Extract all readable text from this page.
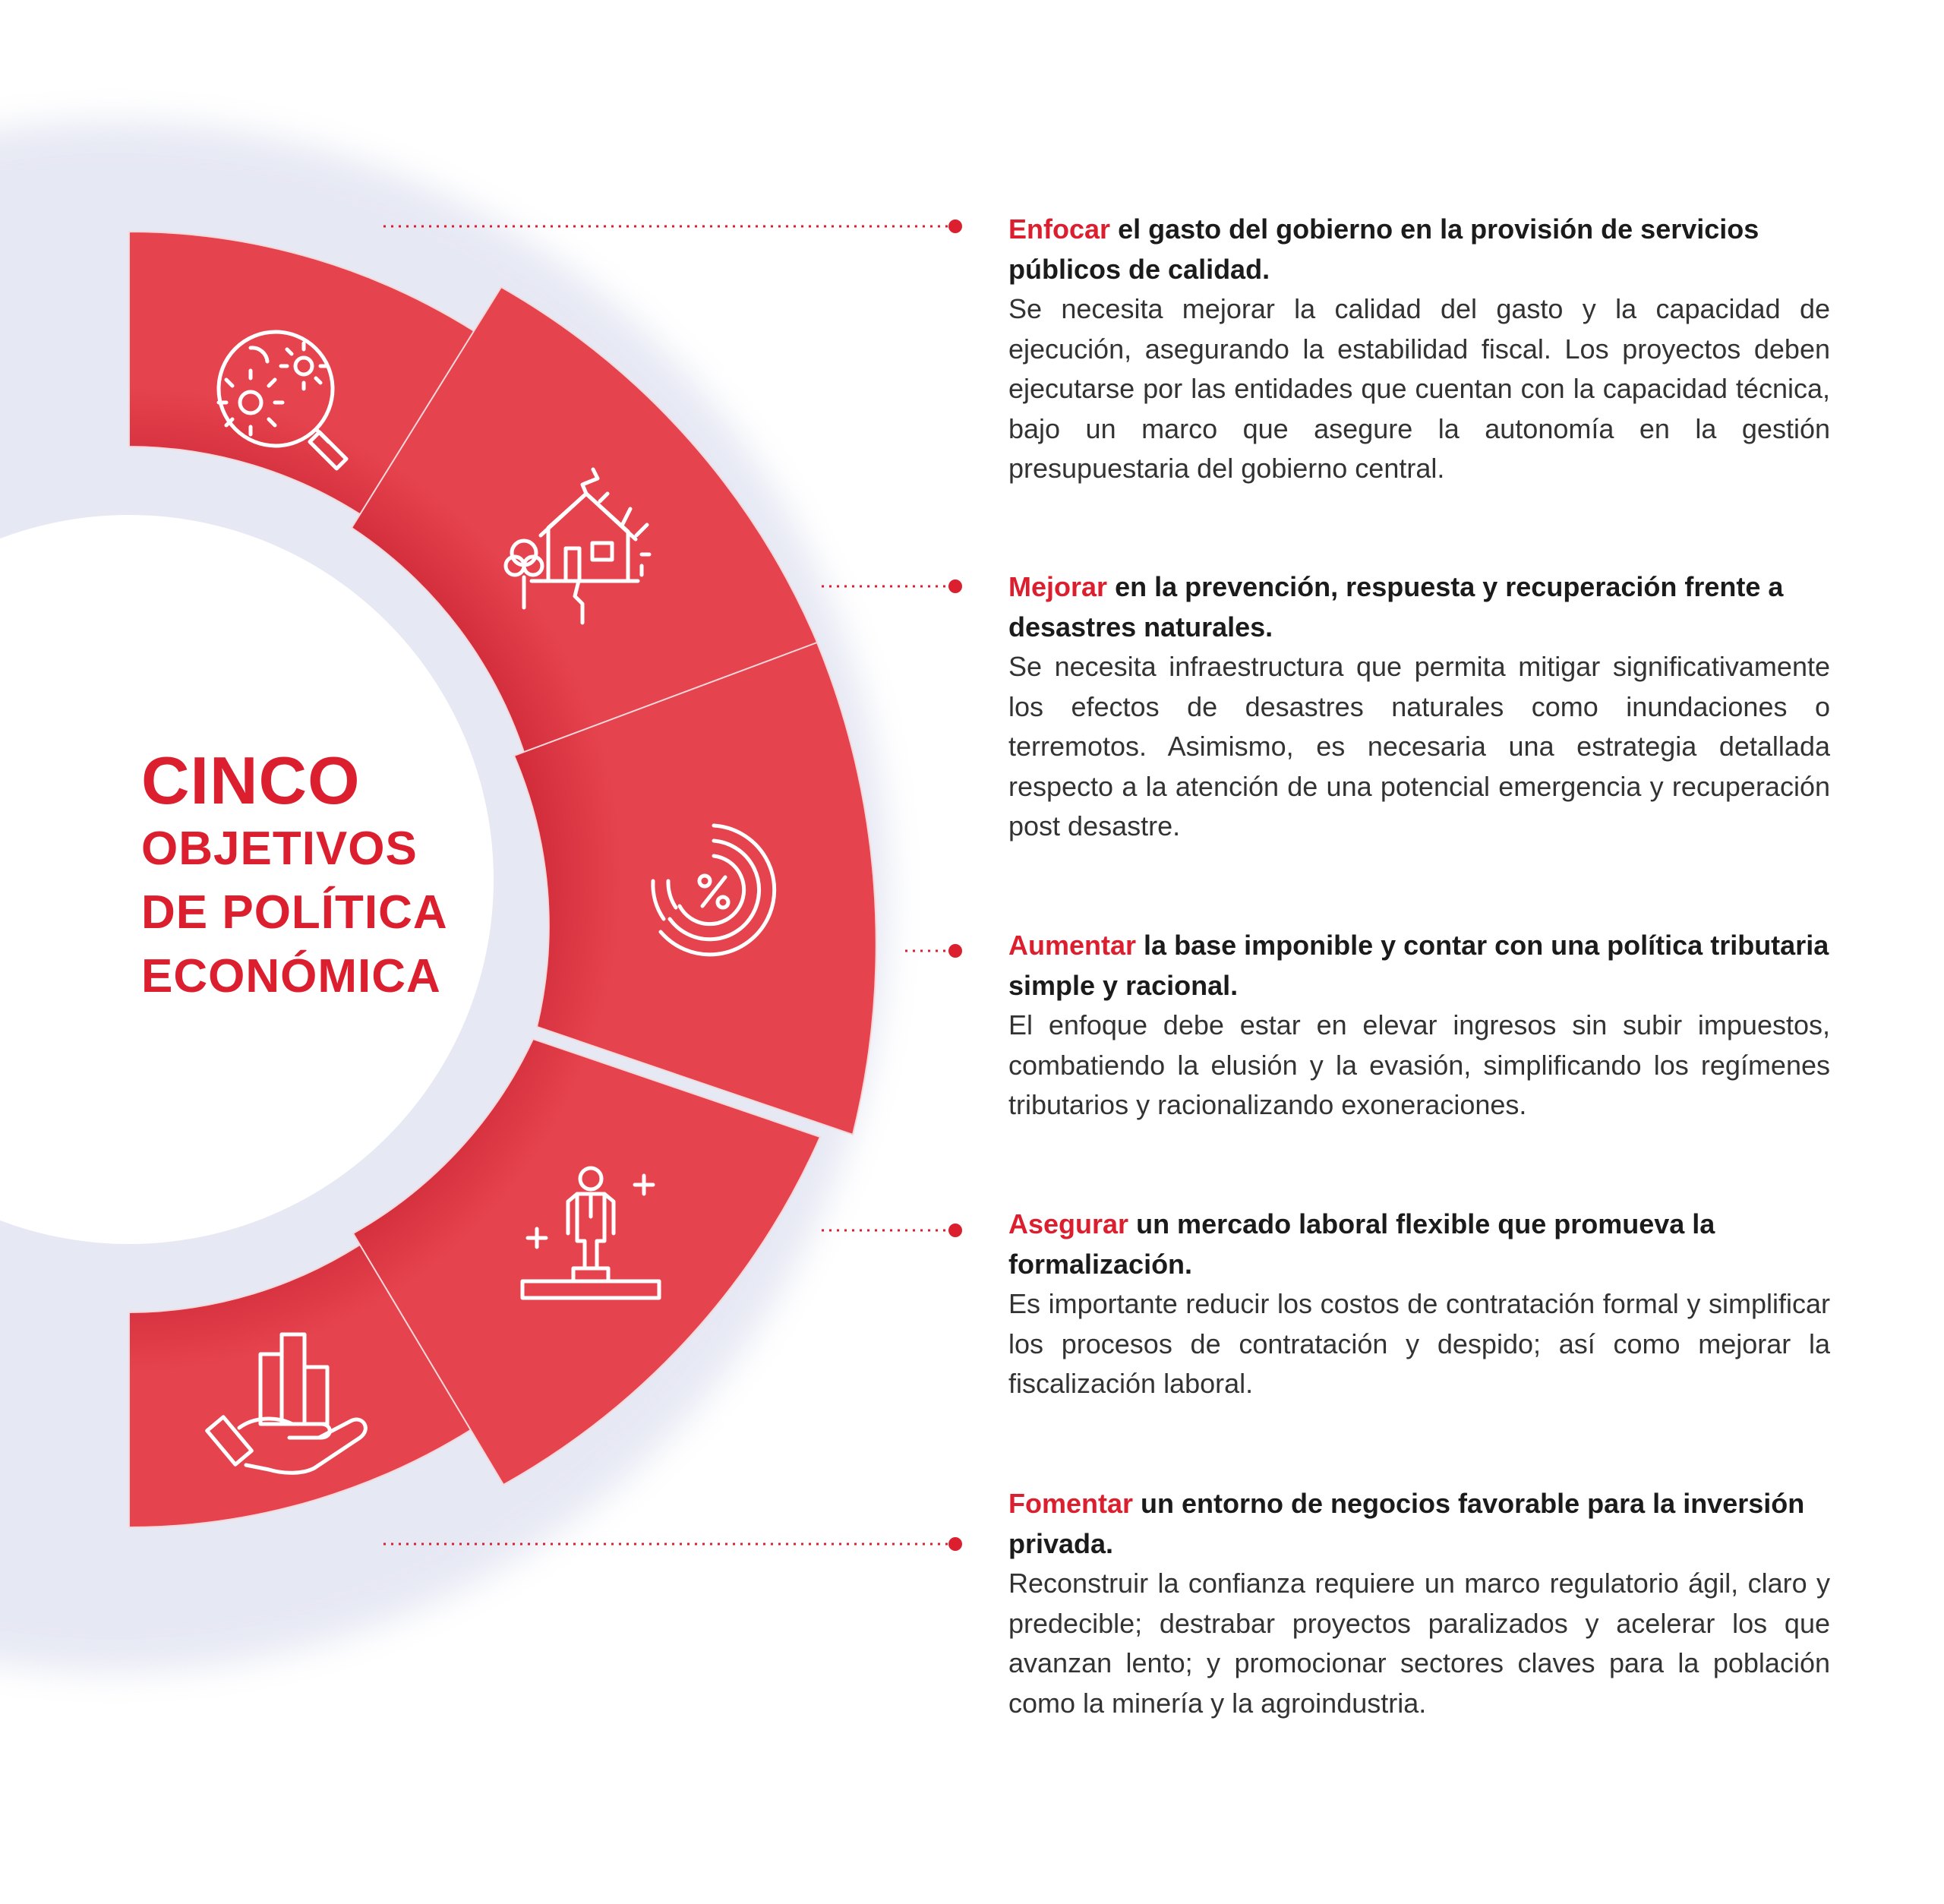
CINCO
OBJETIVOS
DE POLÍTICA
ECONÓMICA

Enfocar el gasto del gobierno en la provisión de servicios públicos de calidad.

Se necesita mejorar la calidad del gasto y la capacidad de ejecución, asegurando la estabilidad fiscal. Los proyectos deben ejecutarse por las entidades que cuentan con la capacidad técnica, bajo un marco que asegure la autonomía en la gestión presupuestaria del gobierno central.

Mejorar en la prevención, respuesta y recuperación frente a desastres naturales.

Se necesita infraestructura que permita mitigar significativamente los efectos de desastres naturales como inundaciones o terremotos. Asimismo, es necesaria una estrategia detallada respecto a la atención de una potencial emergencia y recuperación post desastre.

Aumentar la base imponible y contar con una política tributaria simple y racional.

El enfoque debe estar en elevar ingresos sin subir impuestos, combatiendo la elusión y la evasión, simplificando los regímenes tributarios y racionalizando exoneraciones.

Asegurar un mercado laboral flexible que promueva la formalización.

Es importante reducir los costos de contratación formal y simplificar los procesos de contratación y despido; así como mejorar la fiscalización laboral.

Fomentar un entorno de negocios favorable para la inversión privada.

Reconstruir la confianza requiere un marco regulatorio ágil, claro y predecible; destrabar proyectos paralizados y acelerar los que avanzan lento; y promocionar sectores claves para la población como la minería y la agroindustria.
